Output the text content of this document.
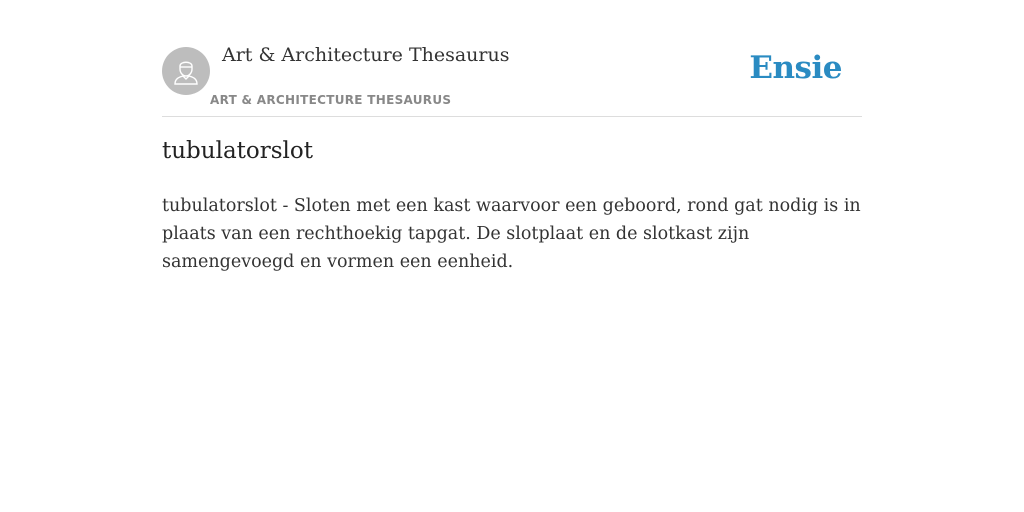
Art & Architecture Thesaurus
ART & ARCHITECTURE THESAURUS
Ensie
tubulatorslot

tubulatorslot - Sloten met een kast waarvoor een geboord, rond gat nodig is in plaats van een rechthoekig tapgat. De slotplaat en de slotkast zijn samengevoegd en vormen een eenheid.
